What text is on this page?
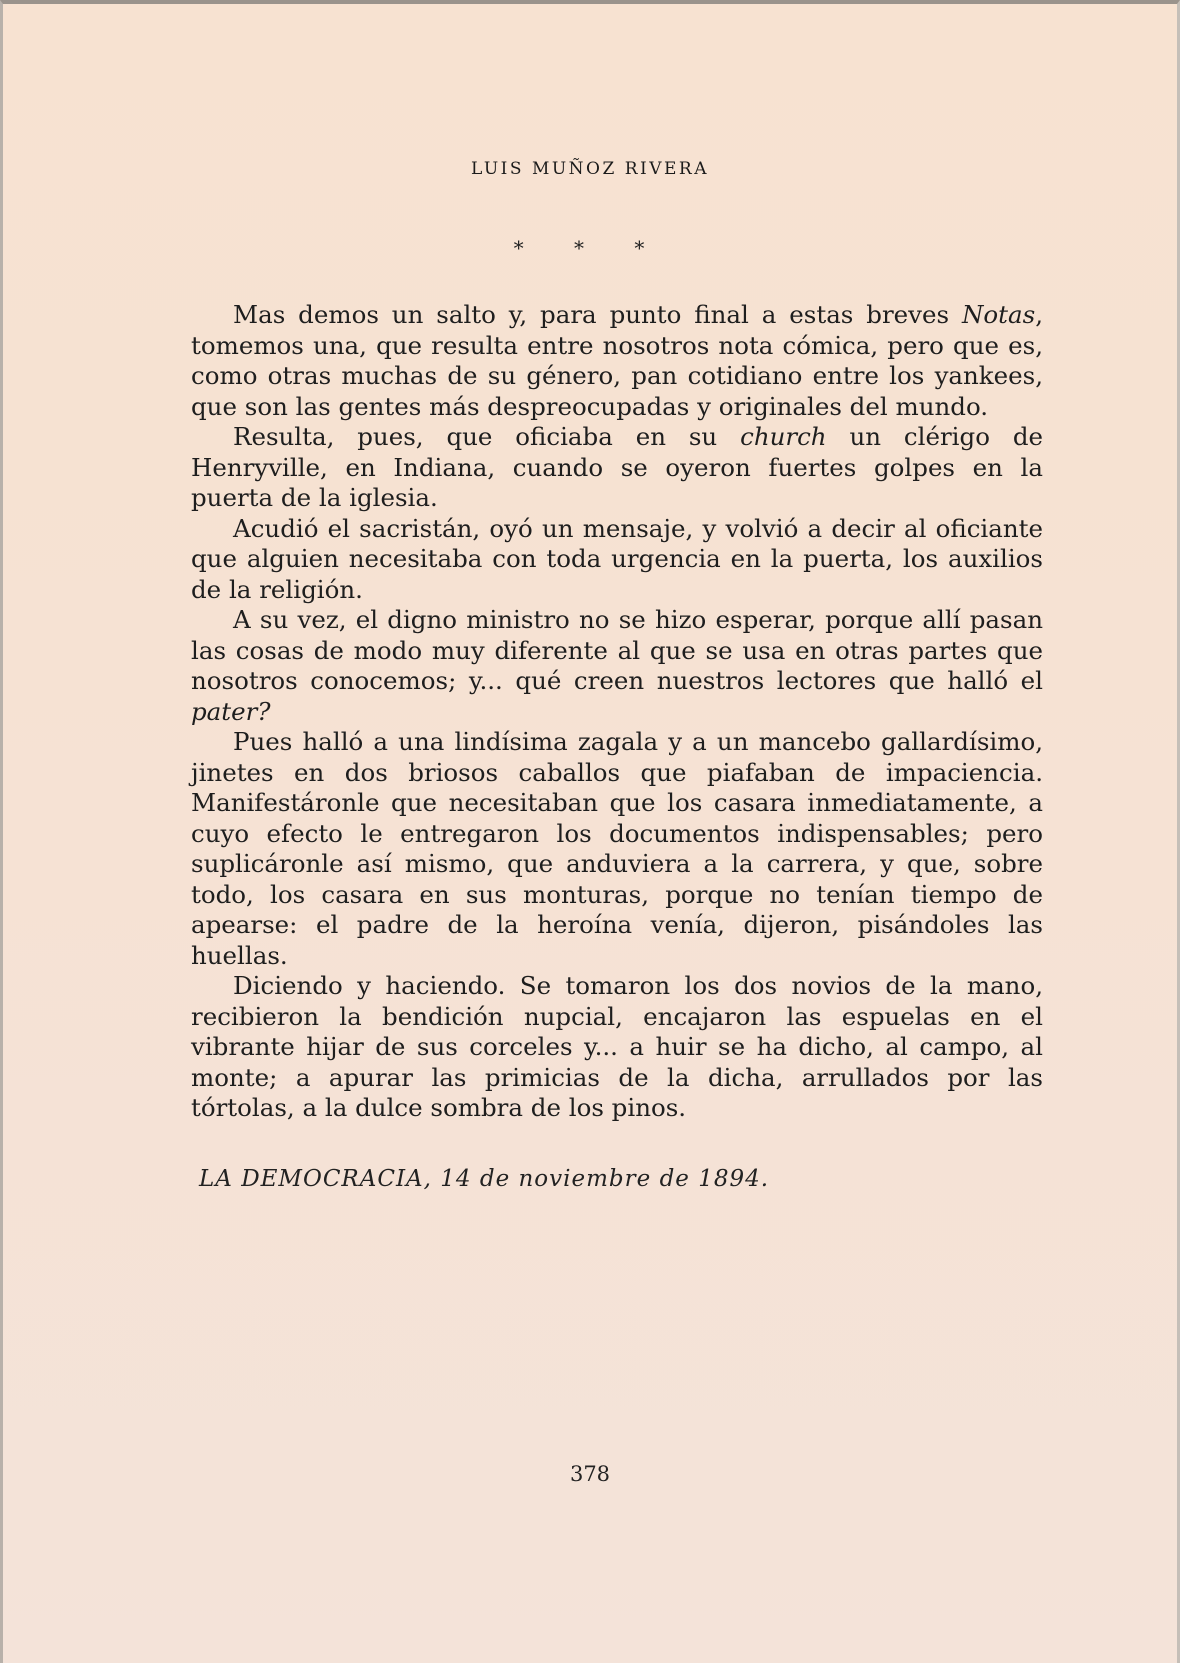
LUIS MUÑOZ RIVERA
* * *

Mas demos un salto y, para punto final a estas breves Notas, tomemos una, que resulta entre nosotros nota cómica, pero que es, como otras muchas de su género, pan cotidiano entre los yankees, que son las gentes más despreocupadas y originales del mundo.

Resulta, pues, que oficiaba en su church un clérigo de Henryville, en Indiana, cuando se oyeron fuertes golpes en la puerta de la iglesia.

Acudió el sacristán, oyó un mensaje, y volvió a decir al oficiante que alguien necesitaba con toda urgencia en la puerta, los auxilios de la religión.

A su vez, el digno ministro no se hizo esperar, porque allí pasan las cosas de modo muy diferente al que se usa en otras partes que nosotros conocemos; y... qué creen nuestros lectores que halló el pater?

Pues halló a una lindísima zagala y a un mancebo gallardísimo, jinetes en dos briosos caballos que piafaban de impaciencia. Manifestáronle que necesitaban que los casara inmediatamente, a cuyo efecto le entregaron los documentos indispensables; pero suplicáronle así mismo, que anduviera a la carrera, y que, sobre todo, los casara en sus monturas, porque no tenían tiempo de apearse: el padre de la heroína venía, dijeron, pisándoles las huellas.

Diciendo y haciendo. Se tomaron los dos novios de la mano, recibieron la bendición nupcial, encajaron las espuelas en el vibrante hijar de sus corceles y... a huir se ha dicho, al campo, al monte; a apurar las primicias de la dicha, arrullados por las tórtolas, a la dulce sombra de los pinos.

LA DEMOCRACIA, 14 de noviembre de 1894.
378
